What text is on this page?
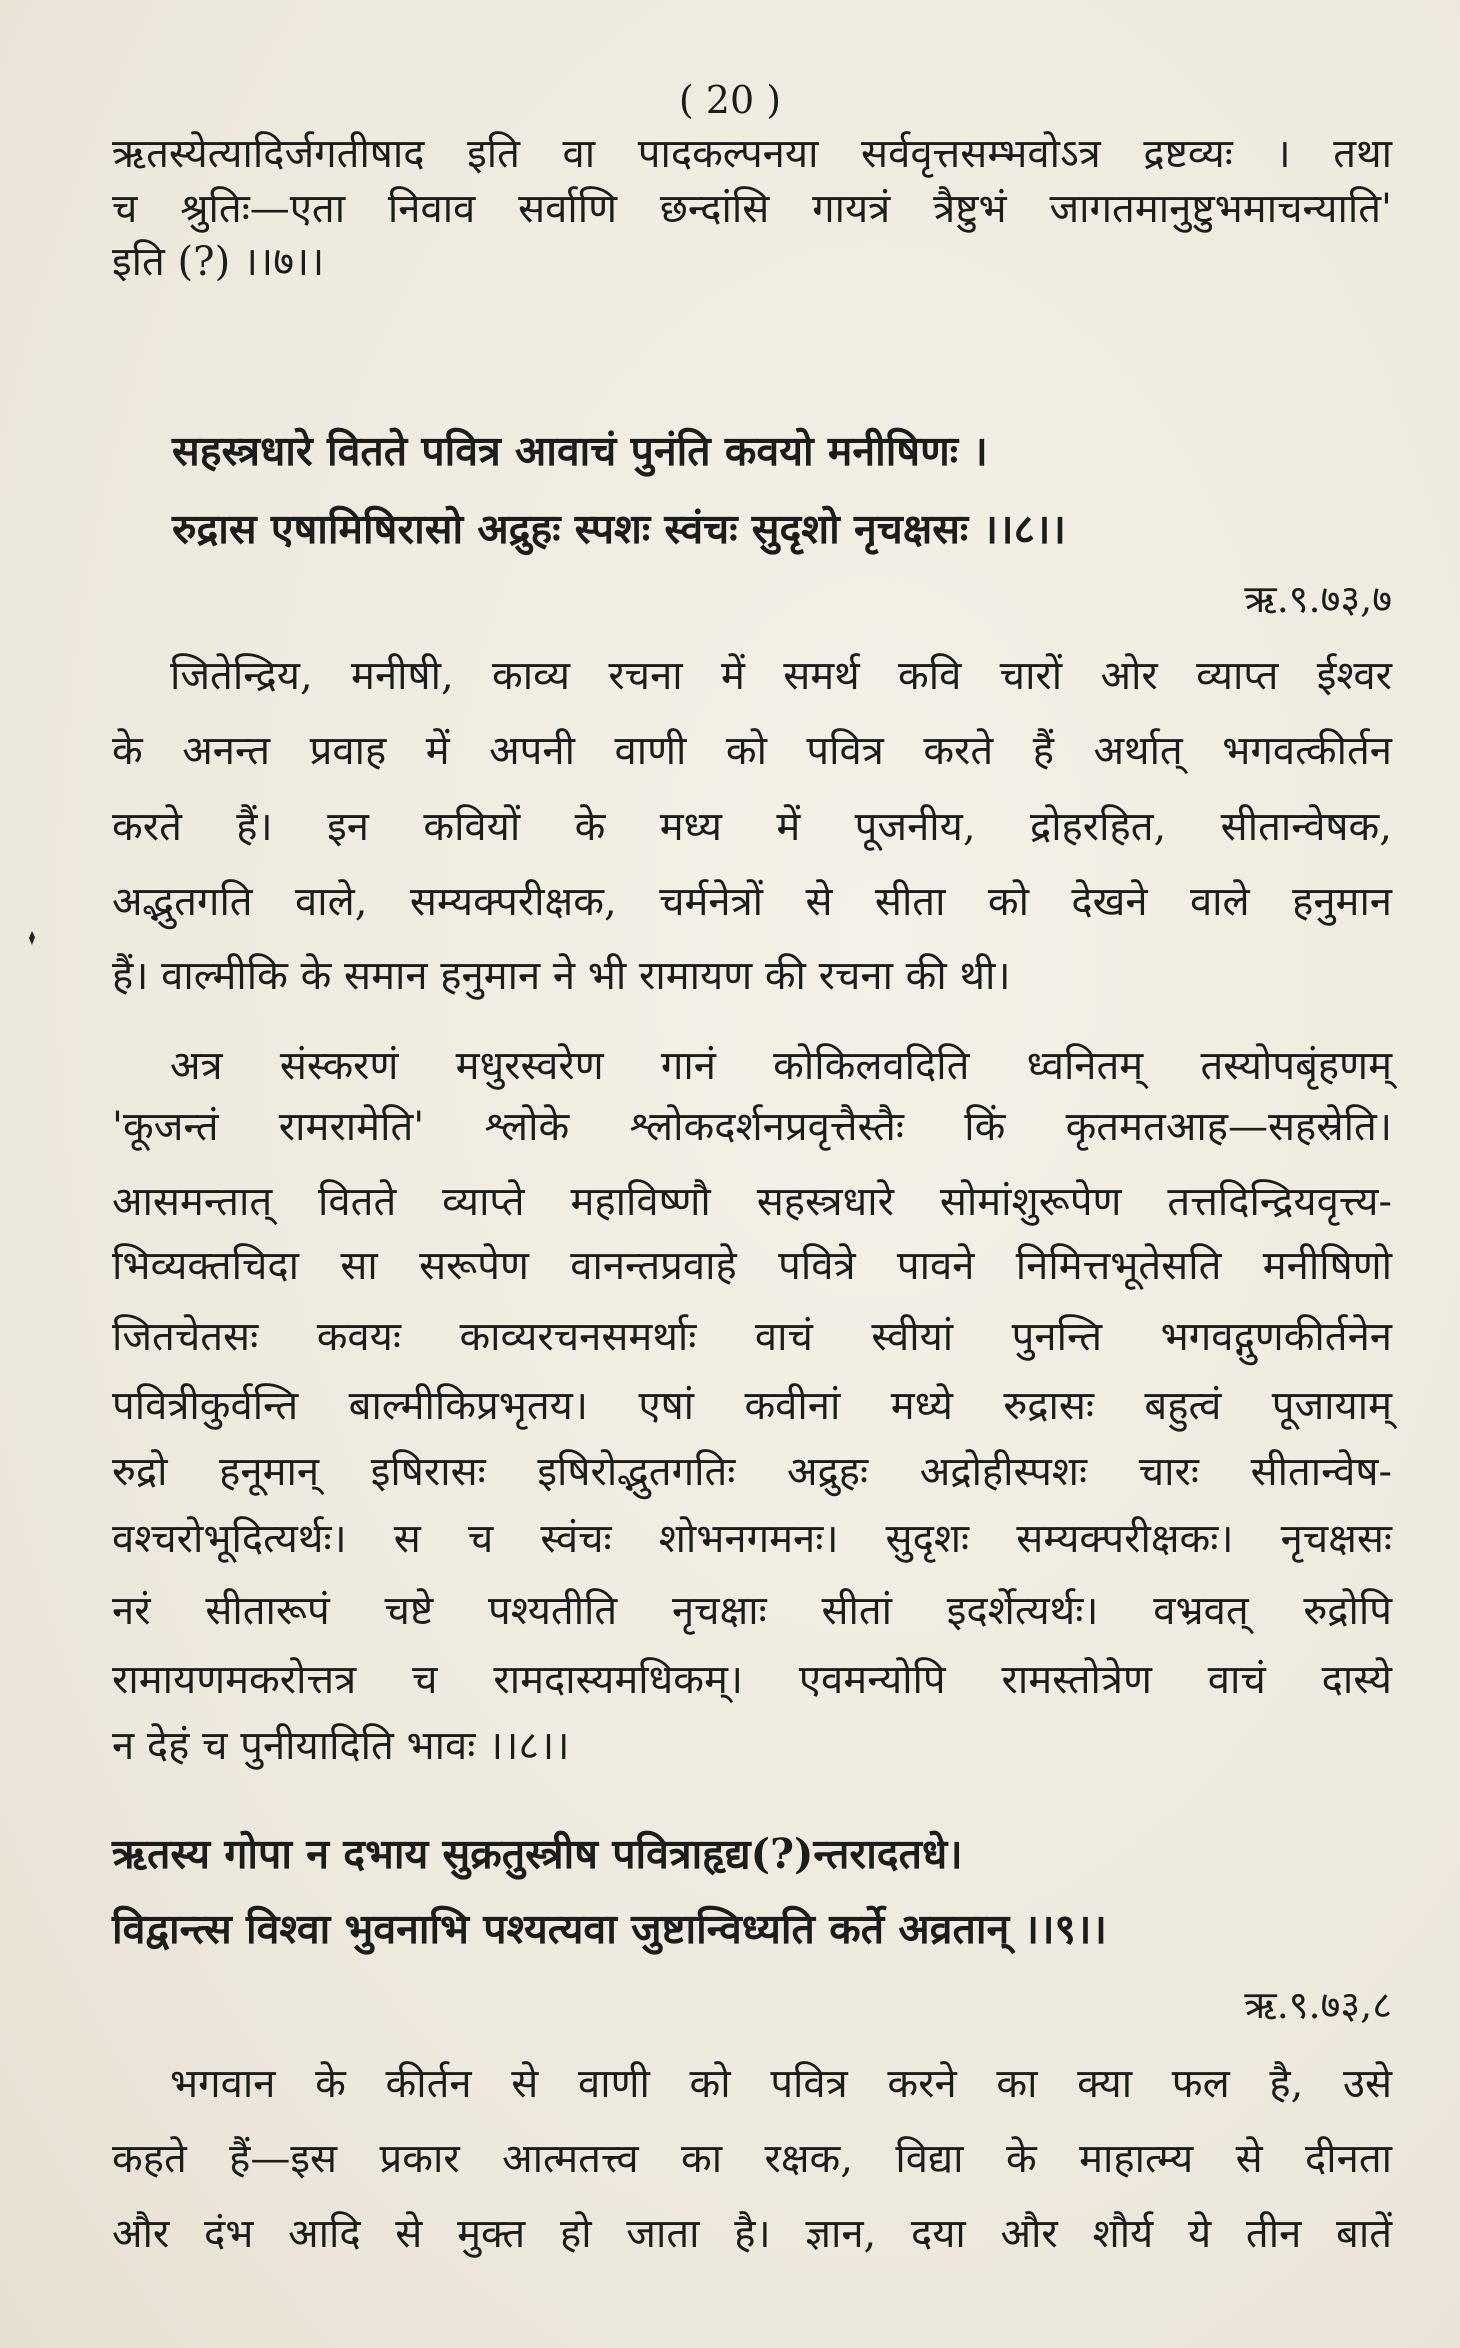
( 20 )
ऋतस्येत्यादिर्जगतीषाद इति वा पादकल्पनया सर्ववृत्तसम्भवोऽत्र द्रष्टव्यः । तथा
च श्रुतिः—एता निवाव सर्वाणि छन्दांसि गायत्रं त्रैष्टुभं जागतमानुष्टुभमाचन्याति'
इति (?) ।।७।।
सहस्त्रधारे वितते पवित्र आवाचं पुनंति कवयो मनीषिणः ।
रुद्रास एषामिषिरासो अद्रुहः स्पशः स्वंचः सुदृशो नृचक्षसः ।।८।।
ऋ.९.७३,७
जितेन्द्रिय, मनीषी, काव्य रचना में समर्थ कवि चारों ओर व्याप्त ईश्वर
के अनन्त प्रवाह में अपनी वाणी को पवित्र करते हैं अर्थात् भगवत्कीर्तन
करते हैं। इन कवियों के मध्य में पूजनीय, द्रोहरहित, सीतान्वेषक,
अद्भुतगति वाले, सम्यक्परीक्षक, चर्मनेत्रों से सीता को देखने वाले हनुमान
हैं। वाल्मीकि के समान हनुमान ने भी रामायण की रचना की थी।
अत्र संस्करणं मधुरस्वरेण गानं कोकिलवदिति ध्वनितम् तस्योपबृंहणम्
'कूजन्तं रामरामेति' श्लोके श्लोकदर्शनप्रवृत्तैस्तैः किं कृतमतआह—सहस्रेति।
आसमन्तात् वितते व्याप्ते महाविष्णौ सहस्त्रधारे सोमांशुरूपेण तत्तदिन्द्रियवृत्त्य-
भिव्यक्तचिदा सा सरूपेण वानन्तप्रवाहे पवित्रे पावने निमित्तभूतेसति मनीषिणो
जितचेतसः कवयः काव्यरचनसमर्थाः वाचं स्वीयां पुनन्ति भगवद्गुणकीर्तनेन
पवित्रीकुर्वन्ति बाल्मीकिप्रभृतय। एषां कवीनां मध्ये रुद्रासः बहुत्वं पूजायाम्
रुद्रो हनूमान् इषिरासः इषिरोद्भुतगतिः अद्रुहः अद्रोहीस्पशः चारः सीतान्वेष-
वश्चरोभूदित्यर्थः। स च स्वंचः शोभनगमनः। सुदृशः सम्यक्परीक्षकः। नृचक्षसः
नरं सीतारूपं चष्टे पश्यतीति नृचक्षाः सीतां इदर्शेत्यर्थः। वभ्रवत् रुद्रोपि
रामायणमकरोत्तत्र च रामदास्यमधिकम्। एवमन्योपि रामस्तोत्रेण वाचं दास्ये
न देहं च पुनीयादिति भावः ।।८।।
ऋतस्य गोपा न दभाय सुक्रतुस्त्रीष पवित्राहृद्य(?)न्तरादतधे।
विद्वान्त्स विश्वा भुवनाभि पश्यत्यवा जुष्टान्विध्यति कर्ते अव्रतान् ।।९।।
ऋ.९.७३,८
भगवान के कीर्तन से वाणी को पवित्र करने का क्या फल है, उसे
कहते हैं—इस प्रकार आत्मतत्त्व का रक्षक, विद्या के माहात्म्य से दीनता
और दंभ आदि से मुक्त हो जाता है। ज्ञान, दया और शौर्य ये तीन बातें
